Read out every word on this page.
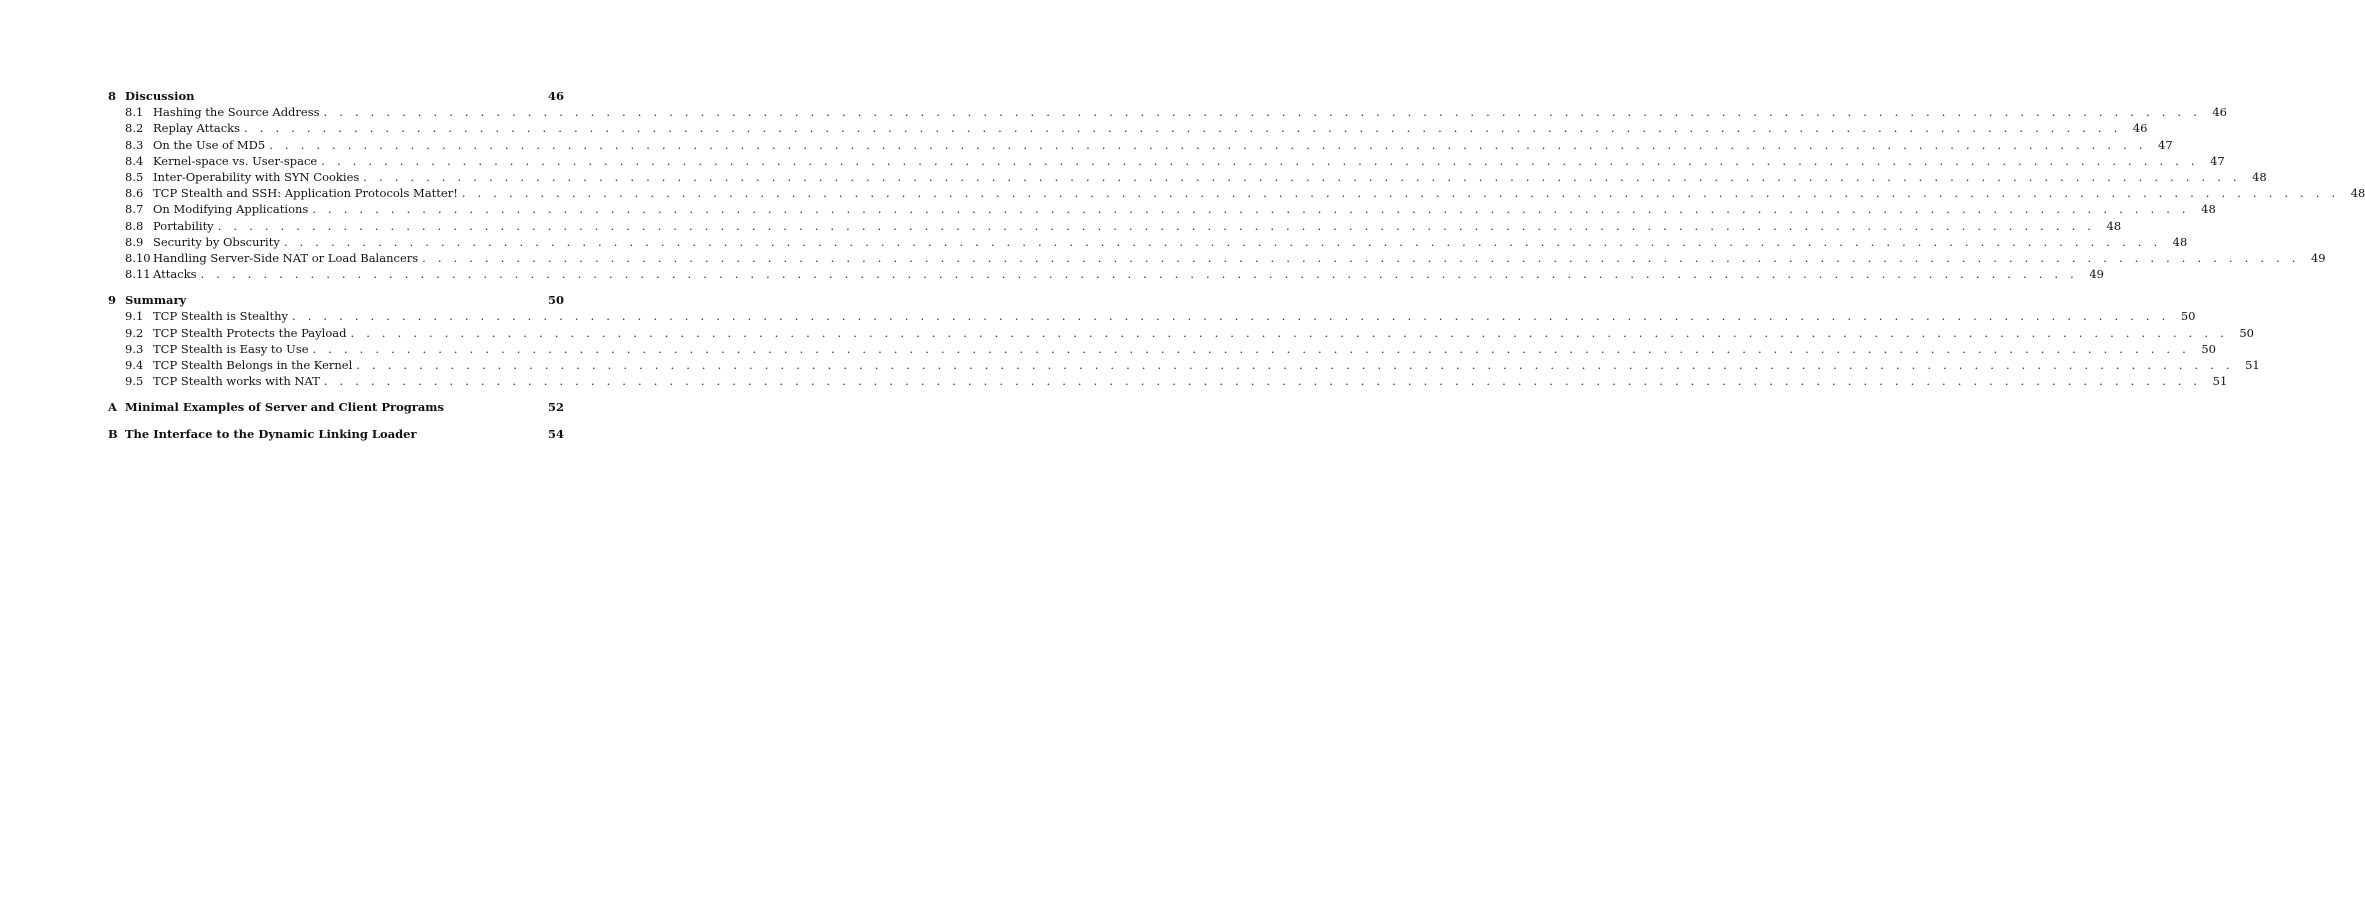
8 Discussion	46
8.1 Hashing the Source Address . . . . . . . . . . . . . . . . . . . . . . . . . . . . . . . . . . . . . . . . . . . . . . . . . . . . . . . . . . . . . . . . . . . . . . . . . . . . . . . . . . . . . . . . . . . . . . . . . . . . . . . . . . . . . . . . . . . . . . . . 46
8.2 Replay Attacks . . . . . . . . . . . . . . . . . . . . . . . . . . . . . . . . . . . . . . . . . . . . . . . . . . . . . . . . . . . . . . . . . . . . . . . . . . . . . . . . . . . . . . . . . . . . . . . . . . . . . . . . . . . . . . . . . . . . . . . . 46
8.3 On the Use of MD5 . . . . . . . . . . . . . . . . . . . . . . . . . . . . . . . . . . . . . . . . . . . . . . . . . . . . . . . . . . . . . . . . . . . . . . . . . . . . . . . . . . . . . . . . . . . . . . . . . . . . . . . . . . . . . . . . . . . . . . . . 47
8.4 Kernel-space vs. User-space . . . . . . . . . . . . . . . . . . . . . . . . . . . . . . . . . . . . . . . . . . . . . . . . . . . . . . . . . . . . . . . . . . . . . . . . . . . . . . . . . . . . . . . . . . . . . . . . . . . . . . . . . . . . . . . . . . . . . . . . 47
8.5 Inter-Operability with SYN Cookies . . . . . . . . . . . . . . . . . . . . . . . . . . . . . . . . . . . . . . . . . . . . . . . . . . . . . . . . . . . . . . . . . . . . . . . . . . . . . . . . . . . . . . . . . . . . . . . . . . . . . . . . . . . . . . . . . . . . . . . . 48
8.6 TCP Stealth and SSH: Application Protocols Matter! . . . . . . . . . . . . . . . . . . . . . . . . . . . . . . . . . . . . . . . . . . . . . . . . . . . . . . . . . . . . . . . . . . . . . . . . . . . . . . . . . . . . . . . . . . . . . . . . . . . . . . . . . . . . . . . . . . . . . . . . 48
8.7 On Modifying Applications . . . . . . . . . . . . . . . . . . . . . . . . . . . . . . . . . . . . . . . . . . . . . . . . . . . . . . . . . . . . . . . . . . . . . . . . . . . . . . . . . . . . . . . . . . . . . . . . . . . . . . . . . . . . . . . . . . . . . . . . 48
8.8 Portability . . . . . . . . . . . . . . . . . . . . . . . . . . . . . . . . . . . . . . . . . . . . . . . . . . . . . . . . . . . . . . . . . . . . . . . . . . . . . . . . . . . . . . . . . . . . . . . . . . . . . . . . . . . . . . . . . . . . . . . . 48
8.9 Security by Obscurity . . . . . . . . . . . . . . . . . . . . . . . . . . . . . . . . . . . . . . . . . . . . . . . . . . . . . . . . . . . . . . . . . . . . . . . . . . . . . . . . . . . . . . . . . . . . . . . . . . . . . . . . . . . . . . . . . . . . . . . . 48
8.10 Handling Server-Side NAT or Load Balancers . . . . . . . . . . . . . . . . . . . . . . . . . . . . . . . . . . . . . . . . . . . . . . . . . . . . . . . . . . . . . . . . . . . . . . . . . . . . . . . . . . . . . . . . . . . . . . . . . . . . . . . . . . . . . . . . . . . . . . . . 49
8.11 Attacks . . . . . . . . . . . . . . . . . . . . . . . . . . . . . . . . . . . . . . . . . . . . . . . . . . . . . . . . . . . . . . . . . . . . . . . . . . . . . . . . . . . . . . . . . . . . . . . . . . . . . . . . . . . . . . . . . . . . . . . . 49
9 Summary	50
9.1 TCP Stealth is Stealthy . . . . . . . . . . . . . . . . . . . . . . . . . . . . . . . . . . . . . . . . . . . . . . . . . . . . . . . . . . . . . . . . . . . . . . . . . . . . . . . . . . . . . . . . . . . . . . . . . . . . . . . . . . . . . . . . . . . . . . . . 50
9.2 TCP Stealth Protects the Payload . . . . . . . . . . . . . . . . . . . . . . . . . . . . . . . . . . . . . . . . . . . . . . . . . . . . . . . . . . . . . . . . . . . . . . . . . . . . . . . . . . . . . . . . . . . . . . . . . . . . . . . . . . . . . . . . . . . . . . . . 50
9.3 TCP Stealth is Easy to Use . . . . . . . . . . . . . . . . . . . . . . . . . . . . . . . . . . . . . . . . . . . . . . . . . . . . . . . . . . . . . . . . . . . . . . . . . . . . . . . . . . . . . . . . . . . . . . . . . . . . . . . . . . . . . . . . . . . . . . . . 50
9.4 TCP Stealth Belongs in the Kernel . . . . . . . . . . . . . . . . . . . . . . . . . . . . . . . . . . . . . . . . . . . . . . . . . . . . . . . . . . . . . . . . . . . . . . . . . . . . . . . . . . . . . . . . . . . . . . . . . . . . . . . . . . . . . . . . . . . . . . . . 51
9.5 TCP Stealth works with NAT . . . . . . . . . . . . . . . . . . . . . . . . . . . . . . . . . . . . . . . . . . . . . . . . . . . . . . . . . . . . . . . . . . . . . . . . . . . . . . . . . . . . . . . . . . . . . . . . . . . . . . . . . . . . . . . . . . . . . . . . 51
A Minimal Examples of Server and Client Programs	52
B The Interface to the Dynamic Linking Loader	54
